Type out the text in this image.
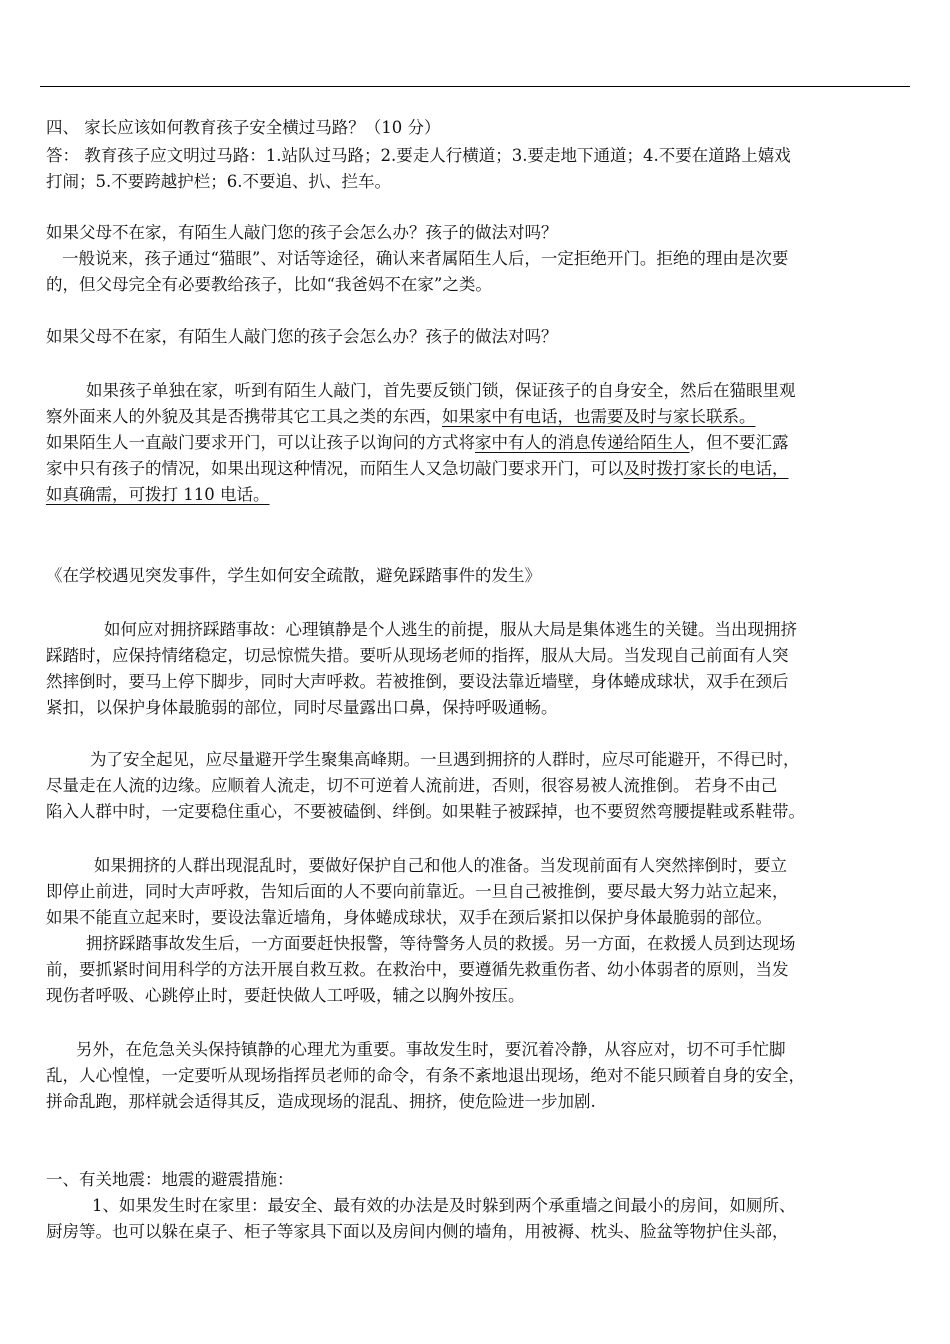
四、 家长应该如何教育孩子安全横过马路？（10 分）
答： 教育孩子应文明过马路：1.站队过马路；2.要走人行横道；3.要走地下通道；4.不要在道路上嬉戏
打闹；5.不要跨越护栏；6.不要追、扒、拦车。
如果父母不在家，有陌生人敲门您的孩子会怎么办？孩子的做法对吗？
一般说来，孩子通过“猫眼”、对话等途径，确认来者属陌生人后，一定拒绝开门。拒绝的理由是次要
的，但父母完全有必要教给孩子，比如“我爸妈不在家”之类。
如果父母不在家，有陌生人敲门您的孩子会怎么办？孩子的做法对吗？
如果孩子单独在家，听到有陌生人敲门，首先要反锁门锁，保证孩子的自身安全，然后在猫眼里观
察外面来人的外貌及其是否携带其它工具之类的东西，如果家中有电话，也需要及时与家长联系。
如果陌生人一直敲门要求开门，可以让孩子以询问的方式将家中有人的消息传递给陌生人，但不要汇露
家中只有孩子的情况，如果出现这种情况，而陌生人又急切敲门要求开门，可以及时拨打家长的电话，
如真确需，可拨打 110 电话。
《在学校遇见突发事件，学生如何安全疏散，避免踩踏事件的发生》
如何应对拥挤踩踏事故：心理镇静是个人逃生的前提，服从大局是集体逃生的关键。当出现拥挤
踩踏时，应保持情绪稳定，切忌惊慌失措。要听从现场老师的指挥，服从大局。当发现自己前面有人突
然摔倒时，要马上停下脚步，同时大声呼救。若被推倒，要设法靠近墙壁，身体蜷成球状，双手在颈后
紧扣，以保护身体最脆弱的部位，同时尽量露出口鼻，保持呼吸通畅。
为了安全起见，应尽量避开学生聚集高峰期。一旦遇到拥挤的人群时，应尽可能避开，不得已时，
尽量走在人流的边缘。应顺着人流走，切不可逆着人流前进，否则，很容易被人流推倒。 若身不由己
陷入人群中时，一定要稳住重心，不要被磕倒、绊倒。如果鞋子被踩掉，也不要贸然弯腰提鞋或系鞋带。
如果拥挤的人群出现混乱时，要做好保护自己和他人的准备。当发现前面有人突然摔倒时，要立
即停止前进，同时大声呼救，告知后面的人不要向前靠近。一旦自己被推倒，要尽最大努力站立起来，
如果不能直立起来时，要设法靠近墙角，身体蜷成球状，双手在颈后紧扣以保护身体最脆弱的部位。
拥挤踩踏事故发生后，一方面要赶快报警，等待警务人员的救援。另一方面，在救援人员到达现场
前，要抓紧时间用科学的方法开展自救互救。在救治中，要遵循先救重伤者、幼小体弱者的原则，当发
现伤者呼吸、心跳停止时，要赶快做人工呼吸，辅之以胸外按压。
另外，在危急关头保持镇静的心理尤为重要。事故发生时，要沉着冷静，从容应对，切不可手忙脚
乱，人心惶惶，一定要听从现场指挥员老师的命令，有条不紊地退出现场，绝对不能只顾着自身的安全，
拼命乱跑，那样就会适得其反，造成现场的混乱、拥挤，使危险进一步加剧.
一、有关地震：地震的避震措施：
1、如果发生时在家里：最安全、最有效的办法是及时躲到两个承重墙之间最小的房间，如厕所、
厨房等。也可以躲在桌子、柜子等家具下面以及房间内侧的墙角，用被褥、枕头、脸盆等物护住头部，
